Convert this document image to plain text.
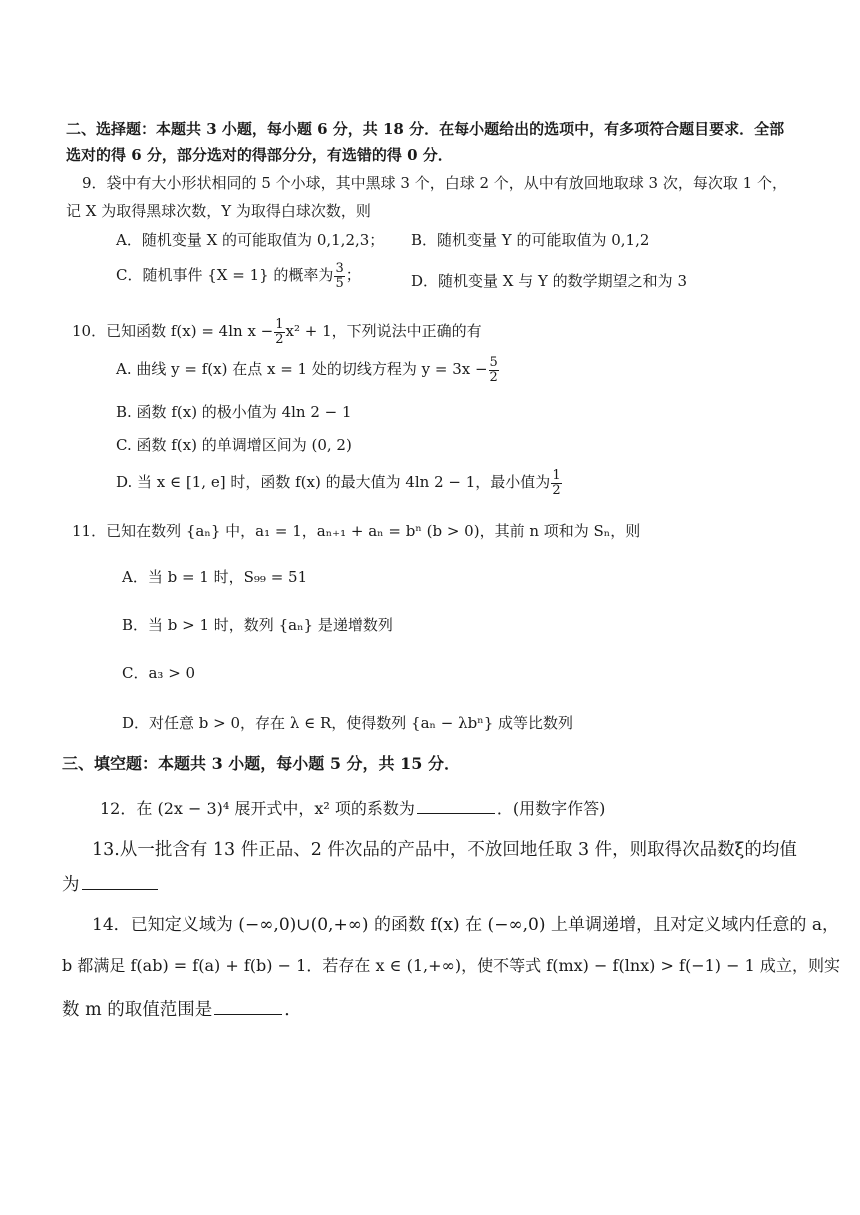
二、选择题：本题共 3 小题，每小题 6 分，共 18 分．在每小题给出的选项中，有多项符合题目要求．全部
选对的得 6 分，部分选对的得部分分，有选错的得 0 分．
9．袋中有大小形状相同的 5 个小球，其中黑球 3 个，白球 2 个，从中有放回地取球 3 次，每次取 1 个，
记 X 为取得黑球次数，Y 为取得白球次数，则
A．随机变量 X 的可能取值为 0,1,2,3； B．随机变量 Y 的可能取值为 0,1,2
C．随机事件 {X = 1} 的概率为 $\frac{3}{5}$ ；	D．随机变量 X 与 Y 的数学期望之和为 3
10．已知函数 f(x) = 4ln $x - \frac{1}{2} x^2 + 1$，下列说法中正确的有
A. 曲线 y = f(x) 在点 x = 1 处的切线方程为 $y = 3x - \frac{5}{2}$
B. 函数 f(x) 的极小值为 4ln 2 − 1
C. 函数 f(x) 的单调增区间为 (0, 2)
D. 当 x ∈ [1, e] 时，函数 f(x) 的最大值为 4ln 2 − 1，最小值为 $\frac{1}{2}$
11．已知在数列 {aₙ} 中，a₁ = 1，aₙ₊₁ + aₙ = bⁿ (b > 0)，其前 n 项和为 Sₙ，则
A．当 b = 1 时，S₉₉ = 51
B．当 b > 1 时，数列 {aₙ} 是递增数列
C．a₃ > 0
D．对任意 b > 0，存在 λ ∈ R，使得数列 {aₙ − λbⁿ} 成等比数列
三、填空题：本题共 3 小题，每小题 5 分，共 15 分．
12．在 (2x − 3)⁴ 展开式中，x² 项的系数为	．(用数字作答)
13.从一批含有 13 件正品、2 件次品的产品中，不放回地任取 3 件，则取得次品数ξ的均值
为
14．已知定义域为 (−∞,0)∪(0,+∞) 的函数 f(x) 在 (−∞,0) 上单调递增，且对定义域内任意的 a，
b 都满足 f(ab) = f(a) + f(b) − 1．若存在 x ∈ (1,+∞)，使不等式 f(mx) − f(lnx) > f(−1) − 1 成立，则实
数 m 的取值范围是	．
